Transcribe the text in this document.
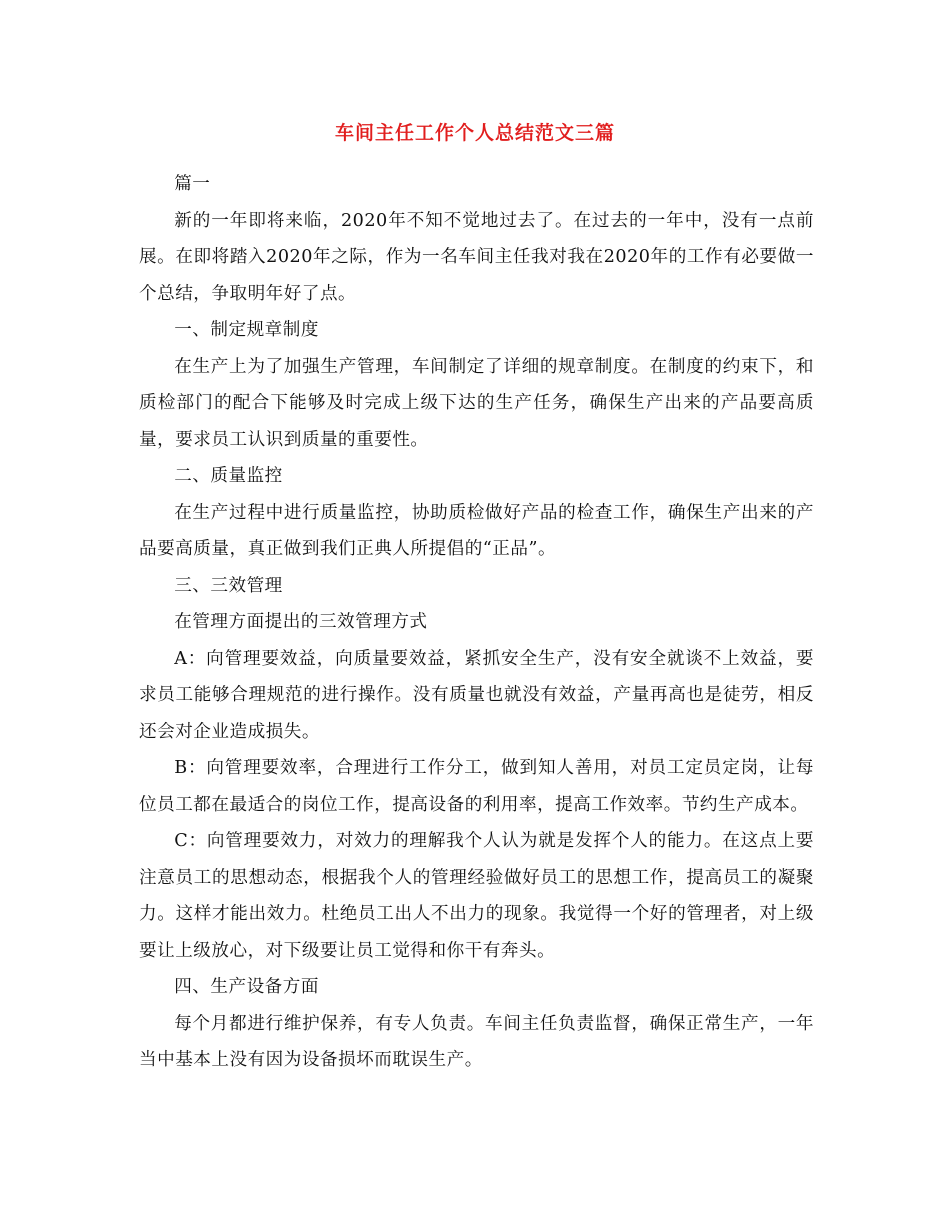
车间主任工作个人总结范文三篇

篇一

新的一年即将来临，2020年不知不觉地过去了。在过去的一年中，没有一点前展。在即将踏入2020年之际，作为一名车间主任我对我在2020年的工作有必要做一个总结，争取明年好了点。

一、制定规章制度

在生产上为了加强生产管理，车间制定了详细的规章制度。在制度的约束下，和质检部门的配合下能够及时完成上级下达的生产任务，确保生产出来的产品要高质量，要求员工认识到质量的重要性。

二、质量监控

在生产过程中进行质量监控，协助质检做好产品的检查工作，确保生产出来的产品要高质量，真正做到我们正典人所提倡的“正品”。

三、三效管理

在管理方面提出的三效管理方式

A：向管理要效益，向质量要效益，紧抓安全生产，没有安全就谈不上效益，要求员工能够合理规范的进行操作。没有质量也就没有效益，产量再高也是徒劳，相反还会对企业造成损失。

B：向管理要效率，合理进行工作分工，做到知人善用，对员工定员定岗，让每位员工都在最适合的岗位工作，提高设备的利用率，提高工作效率。节约生产成本。

C：向管理要效力，对效力的理解我个人认为就是发挥个人的能力。在这点上要注意员工的思想动态，根据我个人的管理经验做好员工的思想工作，提高员工的凝聚力。这样才能出效力。杜绝员工出人不出力的现象。我觉得一个好的管理者，对上级要让上级放心，对下级要让员工觉得和你干有奔头。

四、生产设备方面

每个月都进行维护保养，有专人负责。车间主任负责监督，确保正常生产，一年当中基本上没有因为设备损坏而耽误生产。
